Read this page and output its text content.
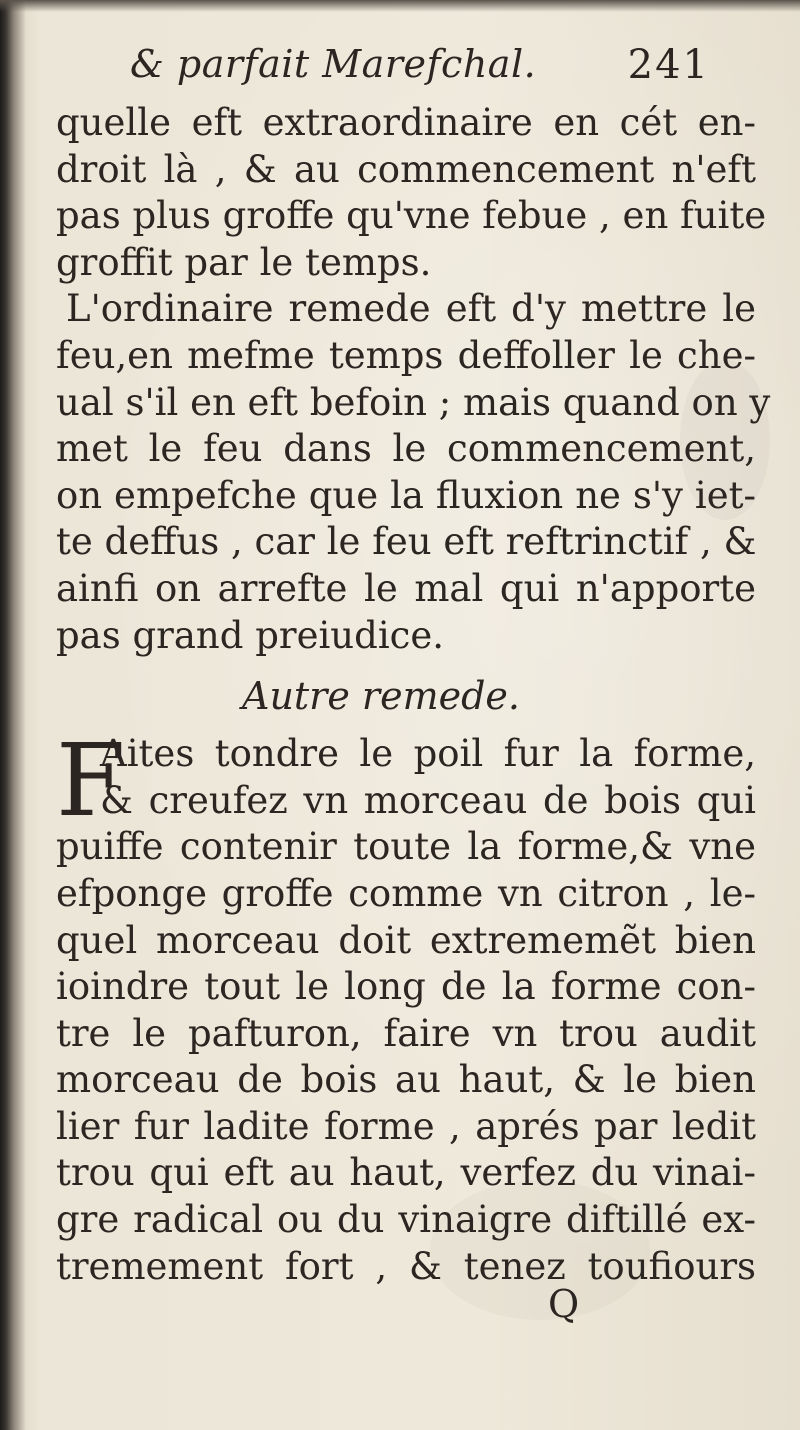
& parfait Marefchal. 241
quelle eft extraordinaire en cét en-
droit là , & au commencement n'eft
pas plus groffe qu'vne febue , en fuite
groffit par le temps.
L'ordinaire remede eft d'y mettre le
feu,en mefme temps deffoller le che-
ual s'il en eft befoin ; mais quand on y
met le feu dans le commencement,
on empefche que la fluxion ne s'y iet-
te deffus , car le feu eft reftrinctif , &
ainfi on arrefte le mal qui n'apporte
pas grand preiudice.
Autre remede.
F
Aites tondre le poil fur la forme,
& creufez vn morceau de bois qui
puiffe contenir toute la forme,& vne
efponge groffe comme vn citron , le-
quel morceau doit extrememẽt bien
ioindre tout le long de la forme con-
tre le pafturon, faire vn trou audit
morceau de bois au haut, & le bien
lier fur ladite forme , aprés par ledit
trou qui eft au haut, verfez du vinai-
gre radical ou du vinaigre diftillé ex-
tremement fort , & tenez toufiours
Q
